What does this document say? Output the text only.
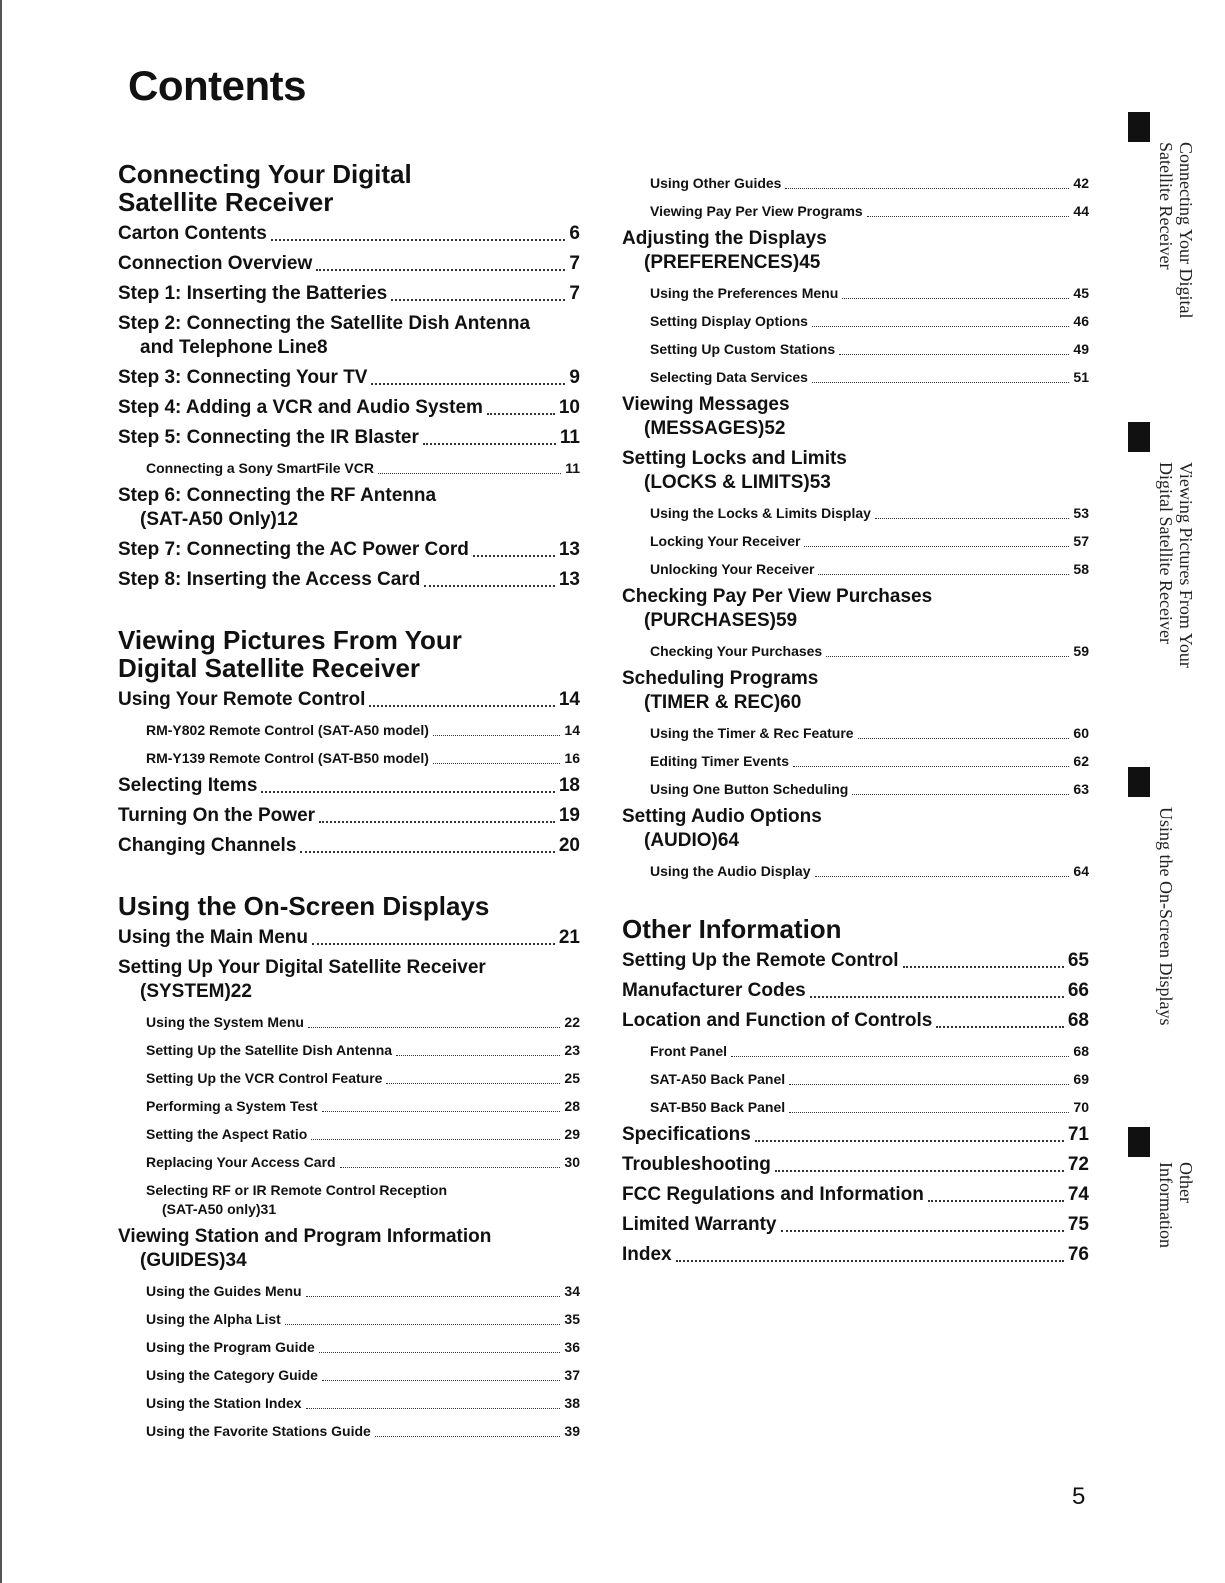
Contents
Connecting Your Digital
Satellite Receiver
Carton Contents	6
Connection Overview	7
Step 1: Inserting the Batteries	7
Step 2: Connecting the Satellite Dish Antenna
and Telephone Line 8
Step 3: Connecting Your TV	9
Step 4: Adding a VCR and Audio System	10
Step 5: Connecting the IR Blaster	11
Connecting a Sony SmartFile VCR	11
Step 6: Connecting the RF Antenna
(SAT-A50 Only) 12
Step 7: Connecting the AC Power Cord	13
Step 8: Inserting the Access Card	13
Viewing Pictures From Your
Digital Satellite Receiver
Using Your Remote Control	14
RM-Y802 Remote Control (SAT-A50 model)	14
RM-Y139 Remote Control (SAT-B50 model)	16
Selecting Items	18
Turning On the Power	19
Changing Channels	20
Using the On-Screen Displays
Using the Main Menu	21
Setting Up Your Digital Satellite Receiver
(SYSTEM) 22
Using the System Menu	22
Setting Up the Satellite Dish Antenna	23
Setting Up the VCR Control Feature	25
Performing a System Test	28
Setting the Aspect Ratio	29
Replacing Your Access Card	30
Selecting RF or IR Remote Control Reception
(SAT-A50 only) 31
Viewing Station and Program Information
(GUIDES) 34
Using the Guides Menu	34
Using the Alpha List	35
Using the Program Guide	36
Using the Category Guide	37
Using the Station Index	38
Using the Favorite Stations Guide	39
Using Other Guides	42
Viewing Pay Per View Programs	44
Adjusting the Displays
(PREFERENCES) 45
Using the Preferences Menu	45
Setting Display Options	46
Setting Up Custom Stations	49
Selecting Data Services	51
Viewing Messages
(MESSAGES) 52
Setting Locks and Limits
(LOCKS & LIMITS) 53
Using the Locks & Limits Display	53
Locking Your Receiver	57
Unlocking Your Receiver	58
Checking Pay Per View Purchases
(PURCHASES) 59
Checking Your Purchases	59
Scheduling Programs
(TIMER & REC) 60
Using the Timer & Rec Feature	60
Editing Timer Events	62
Using One Button Scheduling	63
Setting Audio Options
(AUDIO) 64
Using the Audio Display	64
Other Information
Setting Up the Remote Control	65
Manufacturer Codes	66
Location and Function of Controls	68
Front Panel	68
SAT-A50 Back Panel	69
SAT-B50 Back Panel	70
Specifications	71
Troubleshooting	72
FCC Regulations and Information	74
Limited Warranty	75
Index	76
Connecting Your Digital
Satellite Receiver
Viewing Pictures From Your
Digital Satellite Receiver
Using the On-Screen Displays
Other Information
5
